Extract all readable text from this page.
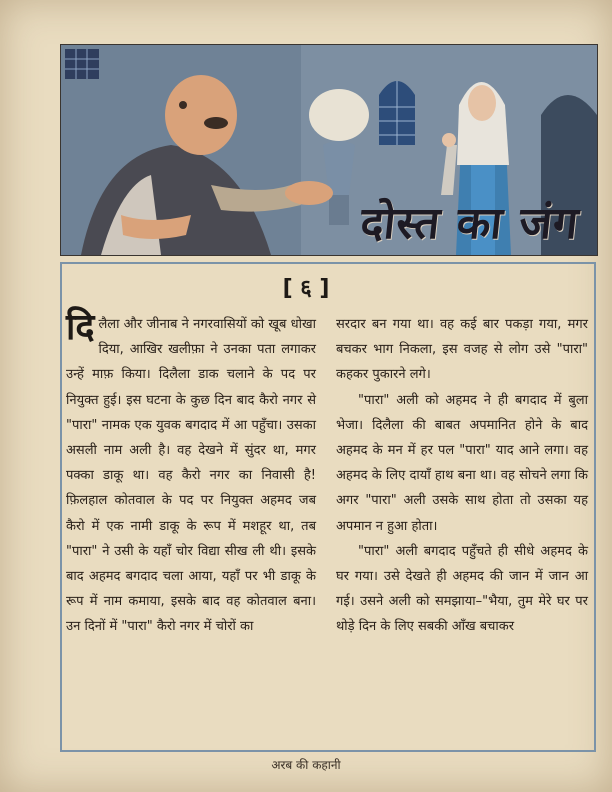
दोस्त का जंग
[ ६ ]

दिलैला और जीनाब ने नगरवासियों को खूब धोखा दिया, आखिर खलीफ़ा ने उनका पता लगाकर उन्हें माफ़ किया। दिलैला डाक चलाने के पद पर नियुक्त हुई। इस घटना के कुछ दिन बाद कैरो नगर से "पारा" नामक एक युवक बगदाद में आ पहुँचा। उसका असली नाम अली है। वह देखने में सुंदर था, मगर पक्का डाकू था। वह कैरो नगर का निवासी है! फ़िलहाल कोतवाल के पद पर नियुक्त अहमद जब कैरो में एक नामी डाकू के रूप में मशहूर था, तब "पारा" ने उसी के यहाँ चोर विद्या सीख ली थी। इसके बाद अहमद बगदाद चला आया, यहाँ पर भी डाकू के रूप में नाम कमाया, इसके बाद वह कोतवाल बना। उन दिनों में "पारा" कैरो नगर में चोरों का

सरदार बन गया था। वह कई बार पकड़ा गया, मगर बचकर भाग निकला, इस वजह से लोग उसे "पारा" कहकर पुकारने लगे।

"पारा" अली को अहमद ने ही बगदाद में बुला भेजा। दिलैला की बाबत अपमानित होने के बाद अहमद के मन में हर पल "पारा" याद आने लगा। वह अहमद के लिए दायाँ हाथ बना था। वह सोचने लगा कि अगर "पारा" अली उसके साथ होता तो उसका यह अपमान न हुआ होता।

"पारा" अली बगदाद पहुँचते ही सीधे अहमद के घर गया। उसे देखते ही अहमद की जान में जान आ गई। उसने अली को समझाया–"भैया, तुम मेरे घर पर थोड़े दिन के लिए सबकी आँख बचाकर

अरब की कहानी
